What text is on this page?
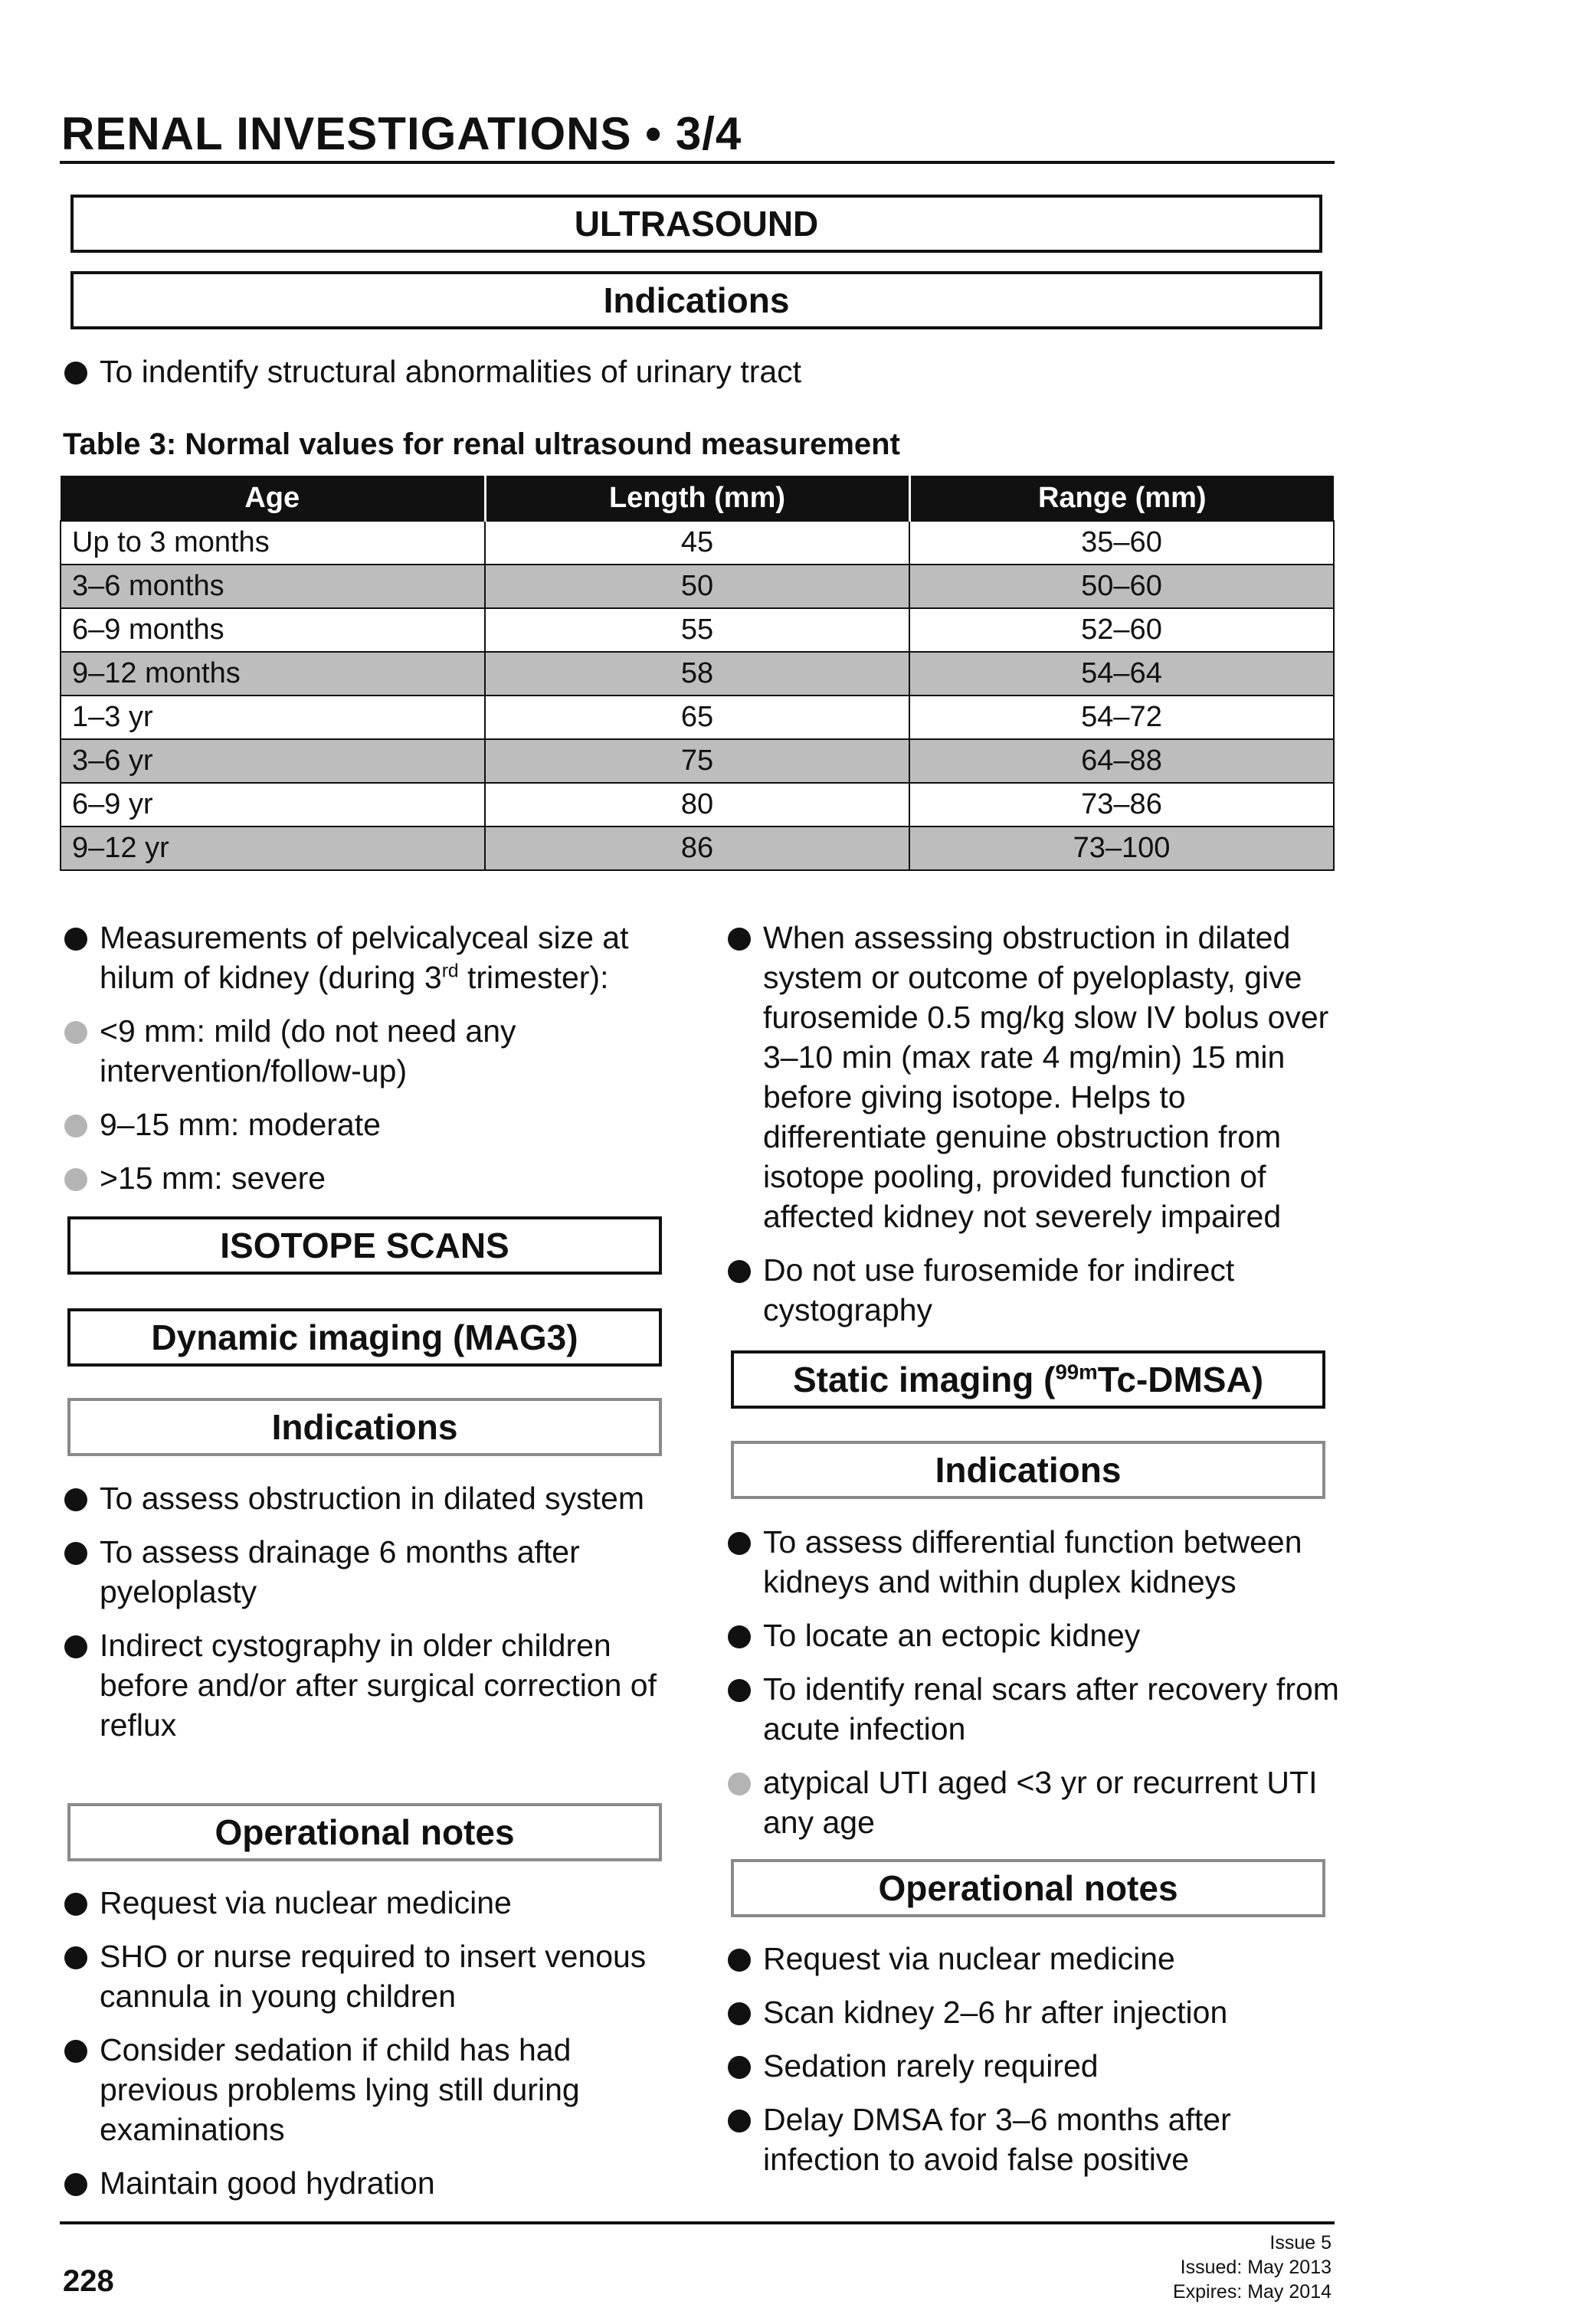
RENAL INVESTIGATIONS • 3/4
ULTRASOUND
Indications
To indentify structural abnormalities of urinary tract
Table 3: Normal values for renal ultrasound measurement
Age	Length (mm)	Range (mm)
Up to 3 months	45	35–60
3–6 months	50	50–60
6–9 months	55	52–60
9–12 months	58	54–64
1–3 yr	65	54–72
3–6 yr	75	64–88
6–9 yr	80	73–86
9–12 yr	86	73–100
Measurements of pelvicalyceal size at hilum of kidney (during 3rd trimester):
<9 mm: mild (do not need any intervention/follow-up)
9–15 mm: moderate
>15 mm: severe
ISOTOPE SCANS
Dynamic imaging (MAG3)
Indications
To assess obstruction in dilated system
To assess drainage 6 months after pyeloplasty
Indirect cystography in older children before and/or after surgical correction of reflux
Operational notes
Request via nuclear medicine
SHO or nurse required to insert venous cannula in young children
Consider sedation if child has had previous problems lying still during examinations
Maintain good hydration
When assessing obstruction in dilated system or outcome of pyeloplasty, give furosemide 0.5 mg/kg slow IV bolus over 3–10 min (max rate 4 mg/min) 15 min before giving isotope. Helps to differentiate genuine obstruction from isotope pooling, provided function of affected kidney not severely impaired
Do not use furosemide for indirect cystography
Static imaging ($^{99m}$Tc-DMSA)
Indications
To assess differential function between kidneys and within duplex kidneys
To locate an ectopic kidney
To identify renal scars after recovery from acute infection
atypical UTI aged <3 yr or recurrent UTI any age
Operational notes
Request via nuclear medicine
Scan kidney 2–6 hr after injection
Sedation rarely required
Delay DMSA for 3–6 months after infection to avoid false positive
228
Issue 5
Issued: May 2013
Expires: May 2014
